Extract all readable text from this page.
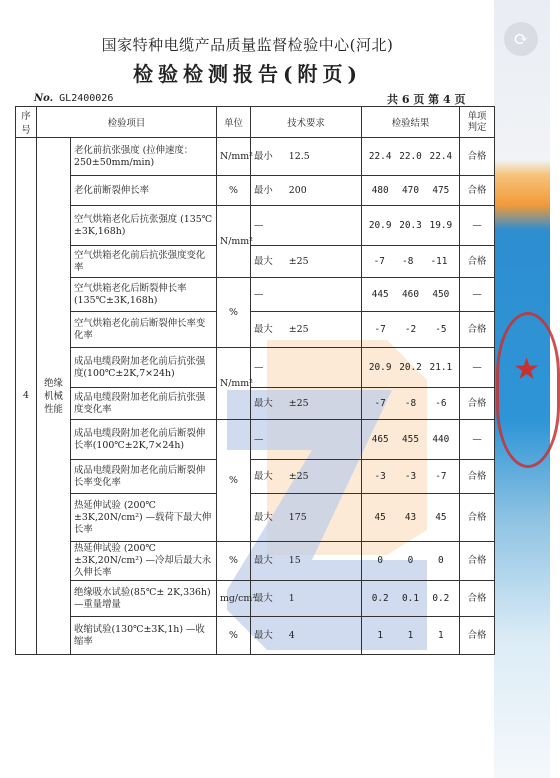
⟳
★
国家特种电缆产品质量监督检验中心(河北)
检验检测报告(附页)
No. GL2400026	共 6 页 第 4 页
序号	检验项目		单位	技术要求	检验结果	单项判定
4	绝缘机械性能	老化前抗张强度 (拉伸速度：250±50mm/min)	N/mm²	最小 12.5	22.4 22.0 22.4	合格
		老化前断裂伸长率	%	最小 200	480 470 475	合格
		空气烘箱老化后抗张强度 (135℃±3K,168h)	N/mm²	—	20.9 20.3 19.9	—
		空气烘箱老化前后抗张强度变化率		最大 ±25	-7 -8 -11	合格
		空气烘箱老化后断裂伸长率 (135℃±3K,168h)	%	—	445 460 450	—
		空气烘箱老化前后断裂伸长率变化率		最大 ±25	-7 -2 -5	合格
		成品电缆段附加老化前后抗张强度(100℃±2K,7×24h)	N/mm²	—	20.9 20.2 21.1	—
		成品电缆段附加老化前后抗张强度变化率		最大 ±25	-7 -8 -6	合格
		成品电缆段附加老化前后断裂伸长率(100℃±2K,7×24h)	%	—	465 455 440	—
		成品电缆段附加老化前后断裂伸长率变化率		最大 ±25	-3 -3 -7	合格
		热延伸试验 (200℃±3K,20N/cm²) —载荷下最大伸长率		最大 175	45 43 45	合格
		热延伸试验 (200℃±3K,20N/cm²) —冷却后最大永久伸长率	%	最大 15	0 0 0	合格
		绝缘吸水试验(85℃± 2K,336h)—重量增量	mg/cm²	最大 1	0.2 0.1 0.2	合格
		收缩试验(130℃±3K,1h) —收缩率	%	最大 4	1 1 1	合格
